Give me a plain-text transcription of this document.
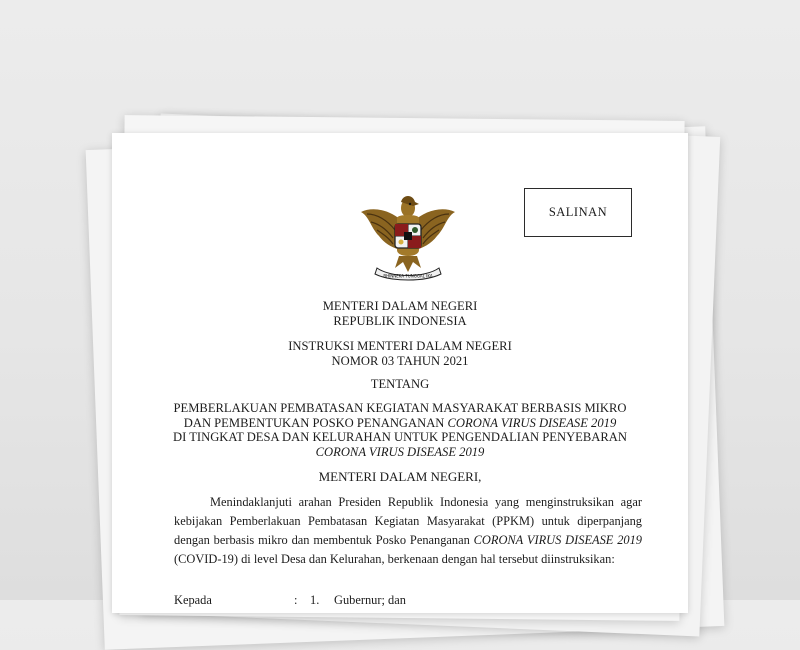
SALINAN
BHINNEKA TUNGGAL IKA
MENTERI DALAM NEGERI
REPUBLIK INDONESIA
INSTRUKSI MENTERI DALAM NEGERI
NOMOR 03 TAHUN 2021
TENTANG
PEMBERLAKUAN PEMBATASAN KEGIATAN MASYARAKAT BERBASIS MIKRO
DAN PEMBENTUKAN POSKO PENANGANAN CORONA VIRUS DISEASE 2019
DI TINGKAT DESA DAN KELURAHAN UNTUK PENGENDALIAN PENYEBARAN
CORONA VIRUS DISEASE 2019
MENTERI DALAM NEGERI,
Menindaklanjuti arahan Presiden Republik Indonesia yang menginstruksikan agar kebijakan Pemberlakuan Pembatasan Kegiatan Masyarakat (PPKM) untuk diperpanjang dengan berbasis mikro dan membentuk Posko Penanganan CORONA VIRUS DISEASE 2019 (COVID-19) di level Desa dan Kelurahan, berkenaan dengan hal tersebut diinstruksikan:
Kepada	: 1. Gubernur; dan
